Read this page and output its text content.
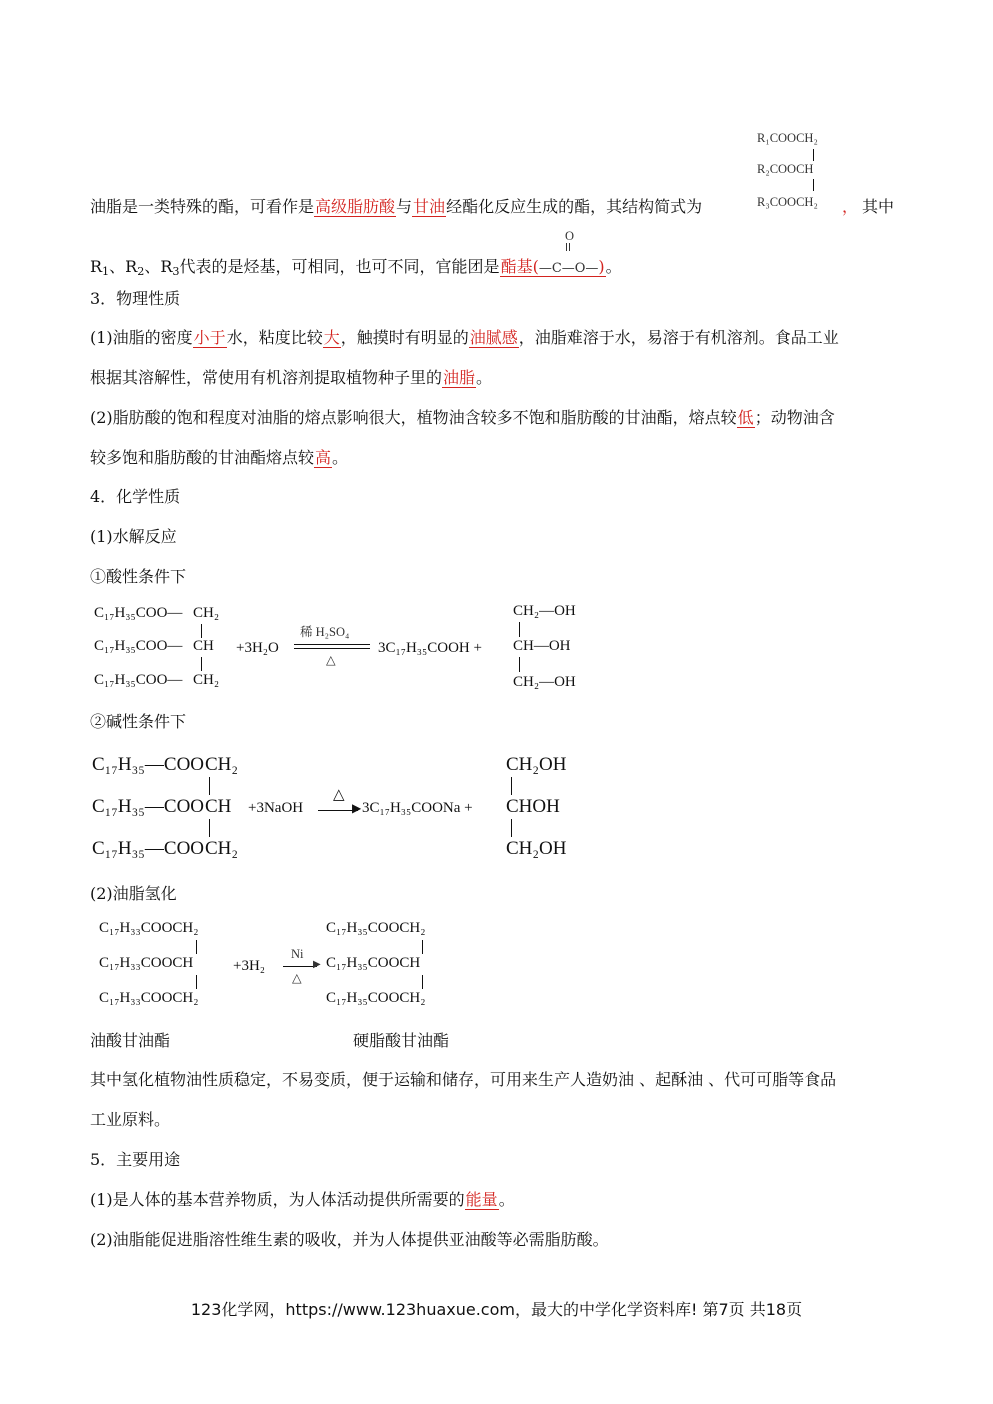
R₁COOCH₂
R₂COOCH
R₃COOCH₂
油脂是一类特殊的酯，可看作是高级脂肪酸与甘油经酯化反应生成的酯，其结构简式为	， 其中
O
$R_1$、$R_2$、$R_3$代表的是烃基，可相同，也可不同，官能团是酯基(—C—O—)。
3．物理性质
(1)油脂的密度小于水，粘度比较大，触摸时有明显的油腻感，油脂难溶于水，易溶于有机溶剂。食品工业
根据其溶解性，常使用有机溶剂提取植物种子里的油脂。
(2)脂肪酸的饱和程度对油脂的熔点影响很大，植物油含较多不饱和脂肪酸的甘油酯，熔点较低；动物油含
较多饱和脂肪酸的甘油酯熔点较高。
4．化学性质
(1)水解反应
①酸性条件下
C₁₇H₃₅COO— CH₂
C₁₇H₃₅COO— CH
C₁₇H₃₅COO— CH₂
+3H₂O
稀 H₂SO₄
△
3C₁₇H₃₅COOH +
CH₂—OH
CH—OH
CH₂—OH
②碱性条件下
C₁₇H₃₅—COO CH₂
C₁₇H₃₅—COO CH
C₁₇H₃₅—COO CH₂
+3NaOH
△
▶ 3C₁₇H₃₅COONa +
CH₂OH
CHOH
CH₂OH
(2)油脂氢化
C₁₇H₃₃COOCH₂
C₁₇H₃₃COOCH
C₁₇H₃₃COOCH₂
+3H₂
Ni
▶
△
C₁₇H₃₅COOCH₂
C₁₇H₃₅COOCH
C₁₇H₃₅COOCH₂
油酸甘油酯	硬脂酸甘油酯
其中氢化植物油性质稳定，不易变质，便于运输和储存，可用来生产人造奶油 、起酥油 、代可可脂等食品
工业原料。
5．主要用途
(1)是人体的基本营养物质，为人体活动提供所需要的能量。
(2)油脂能促进脂溶性维生素的吸收，并为人体提供亚油酸等必需脂肪酸。
123化学网，https://www.123huaxue.com，最大的中学化学资料库! 第7页 共18页
